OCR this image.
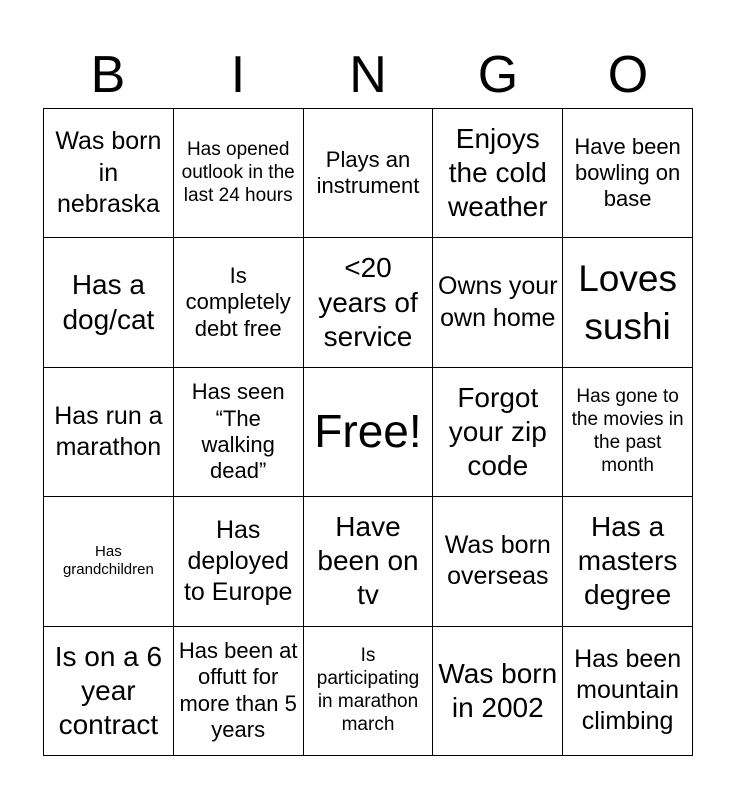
B	I	N	G	O
Was born in nebraska
Has opened outlook in the last 24 hours
Plays an instrument
Enjoys the cold weather
Have been bowling on base
Has a dog/cat
Is completely debt free
<20 years of service
Owns your own home
Loves sushi
Has run a marathon
Has seen “The walking dead”
Free!
Forgot your zip code
Has gone to the movies in the past month
Has grandchildren
Has deployed to Europe
Have been on tv
Was born overseas
Has a masters degree
Is on a 6 year contract
Has been at offutt for more than 5 years
Is participating in marathon march
Was born in 2002
Has been mountain climbing
